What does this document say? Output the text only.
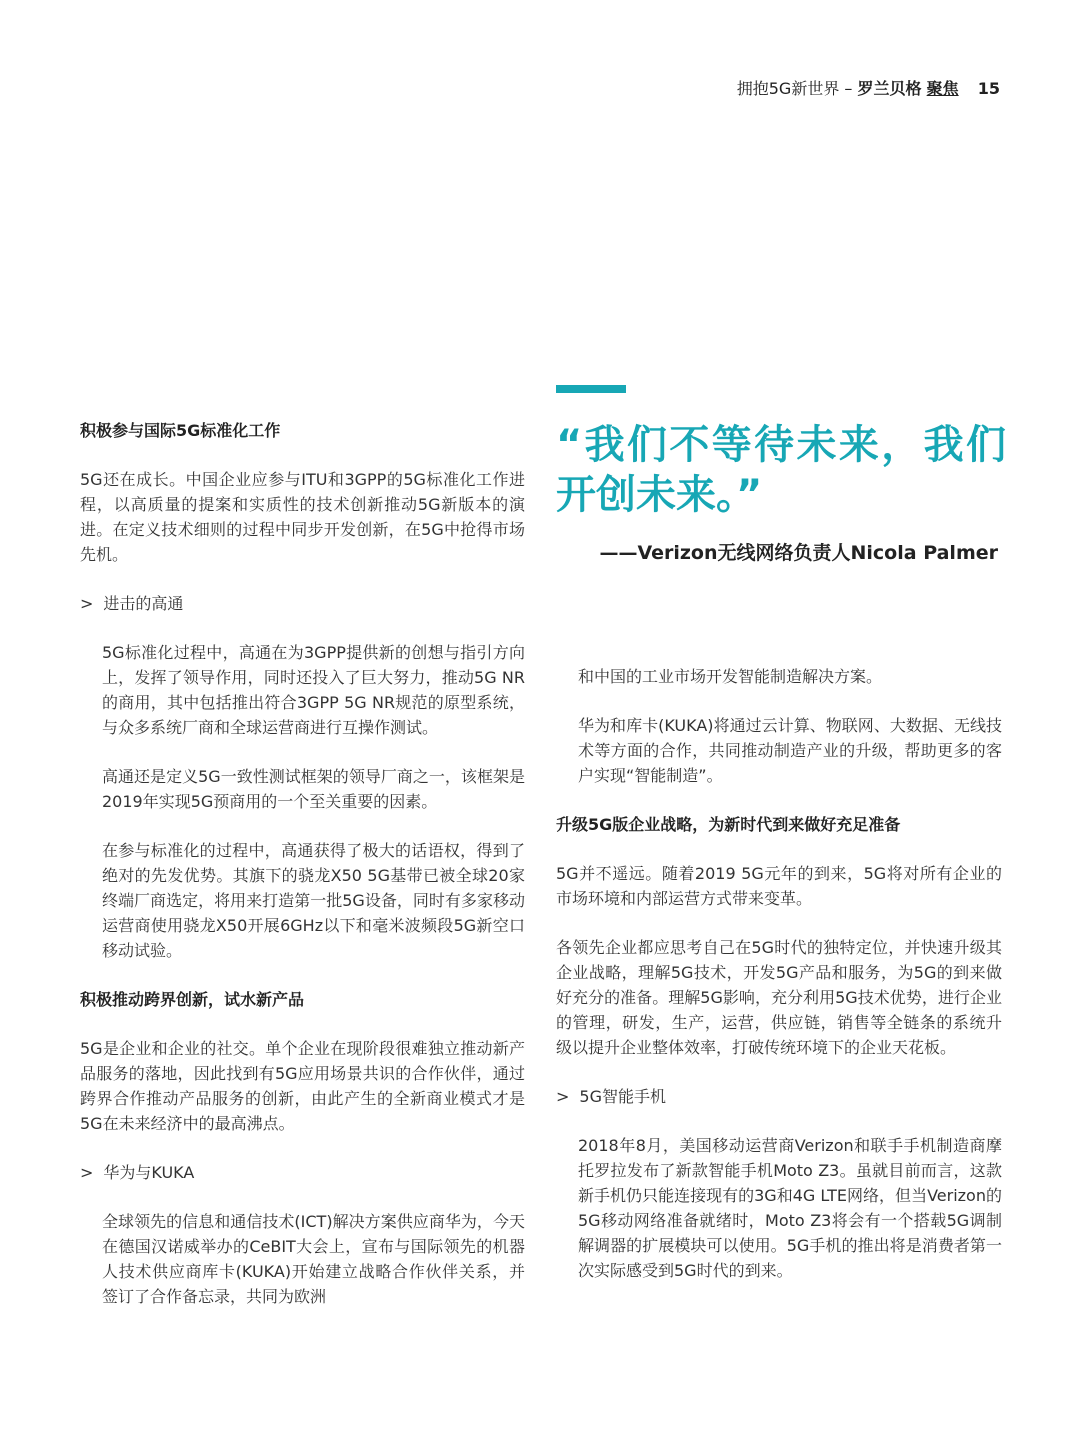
拥抱5G新世界 – 罗兰贝格 聚焦 15

“我们不等待未来，我们开创未来。”

——Verizon无线网络负责人Nicola Palmer
积极参与国际5G标准化工作

5G还在成长。中国企业应参与ITU和3GPP的5G标准化工作进程，以高质量的提案和实质性的技术创新推动5G新版本的演进。在定义技术细则的过程中同步开发创新，在5G中抢得市场先机。

> 进击的高通

5G标准化过程中，高通在为3GPP提供新的创想与指引方向上，发挥了领导作用，同时还投入了巨大努力，推动5G NR的商用，其中包括推出符合3GPP 5G NR规范的原型系统，与众多系统厂商和全球运营商进行互操作测试。

高通还是定义5G一致性测试框架的领导厂商之一，该框架是2019年实现5G预商用的一个至关重要的因素。

在参与标准化的过程中，高通获得了极大的话语权，得到了绝对的先发优势。其旗下的骁龙X50 5G基带已被全球20家终端厂商选定，将用来打造第一批5G设备，同时有多家移动运营商使用骁龙X50开展6GHz以下和毫米波频段5G新空口移动试验。

积极推动跨界创新，试水新产品

5G是企业和企业的社交。单个企业在现阶段很难独立推动新产品服务的落地，因此找到有5G应用场景共识的合作伙伴，通过跨界合作推动产品服务的创新，由此产生的全新商业模式才是5G在未来经济中的最高沸点。

> 华为与KUKA

全球领先的信息和通信技术(ICT)解决方案供应商华为，今天在德国汉诺威举办的CeBIT大会上，宣布与国际领先的机器人技术供应商库卡(KUKA)开始建立战略合作伙伴关系，并签订了合作备忘录，共同为欧洲

和中国的工业市场开发智能制造解决方案。

华为和库卡(KUKA)将通过云计算、物联网、大数据、无线技术等方面的合作，共同推动制造产业的升级，帮助更多的客户实现“智能制造”。

升级5G版企业战略，为新时代到来做好充足准备

5G并不遥远。随着2019 5G元年的到来，5G将对所有企业的市场环境和内部运营方式带来变革。

各领先企业都应思考自己在5G时代的独特定位，并快速升级其企业战略，理解5G技术，开发5G产品和服务，为5G的到来做好充分的准备。理解5G影响，充分利用5G技术优势，进行企业的管理，研发，生产，运营，供应链，销售等全链条的系统升级以提升企业整体效率，打破传统环境下的企业天花板。

> 5G智能手机

2018年8月，美国移动运营商Verizon和联手手机制造商摩托罗拉发布了新款智能手机Moto Z3。虽就目前而言，这款新手机仍只能连接现有的3G和4G LTE网络，但当Verizon的5G移动网络准备就绪时，Moto Z3将会有一个搭载5G调制解调器的扩展模块可以使用。5G手机的推出将是消费者第一次实际感受到5G时代的到来。
